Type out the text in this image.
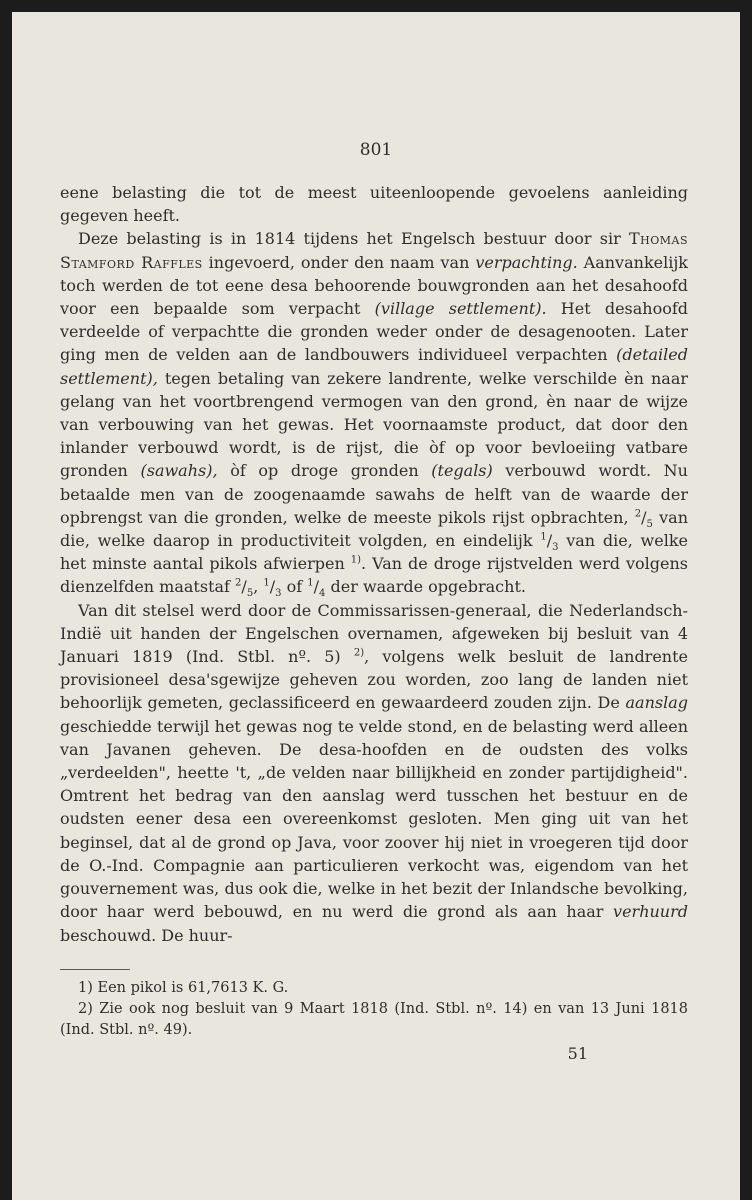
801

eene belasting die tot de meest uiteenloopende gevoelens aanleiding gegeven heeft.

Deze belasting is in 1814 tijdens het Engelsch bestuur door sir Thomas Stamford Raffles ingevoerd, onder den naam van verpachting. Aanvankelijk toch werden de tot eene desa behoorende bouwgronden aan het desahoofd voor een bepaalde som verpacht (village settlement). Het desahoofd verdeelde of verpachtte die gronden weder onder de desagenooten. Later ging men de velden aan de landbouwers individueel verpachten (detailed settlement), tegen betaling van zekere landrente, welke verschilde èn naar gelang van het voortbrengend vermogen van den grond, èn naar de wijze van verbouwing van het gewas. Het voornaamste product, dat door den inlander verbouwd wordt, is de rijst, die òf op voor bevloeiing vatbare gronden (sawahs), òf op droge gronden (tegals) verbouwd wordt. Nu betaalde men van de zoogenaamde sawahs de helft van de waarde der opbrengst van die gronden, welke de meeste pikols rijst opbrachten, $^2/_5$ van die, welke daarop in productiviteit volgden, en eindelijk $^1/_3$ van die, welke het minste aantal pikols afwierpen $^{1)}$. Van de droge rijstvelden werd volgens dienzelfden maatstaf $^2/_5$, $^1/_3$ of $^1/_4$ der waarde opgebracht.

Van dit stelsel werd door de Commissarissen-generaal, die Nederlandsch-Indië uit handen der Engelschen overnamen, afgeweken bij besluit van 4 Januari 1819 (Ind. Stbl. nº. 5) $^{2)}$, volgens welk besluit de landrente provisioneel desa'sgewijze geheven zou worden, zoo lang de landen niet behoorlijk gemeten, geclassificeerd en gewaardeerd zouden zijn. De aanslag geschiedde terwijl het gewas nog te velde stond, en de belasting werd alleen van Javanen geheven. De desa-hoofden en de oudsten des volks „verdeelden", heette 't, „de velden naar billijkheid en zonder partijdigheid". Omtrent het bedrag van den aanslag werd tusschen het bestuur en de oudsten eener desa een overeenkomst gesloten. Men ging uit van het beginsel, dat al de grond op Java, voor zoover hij niet in vroegeren tijd door de O.-Ind. Compagnie aan particulieren verkocht was, eigendom van het gouvernement was, dus ook die, welke in het bezit der Inlandsche bevolking, door haar werd bebouwd, en nu werd die grond als aan haar verhuurd beschouwd. De huur-

1) Een pikol is 61,7613 K. G.

2) Zie ook nog besluit van 9 Maart 1818 (Ind. Stbl. nº. 14) en van 13 Juni 1818 (Ind. Stbl. nº. 49).

51
